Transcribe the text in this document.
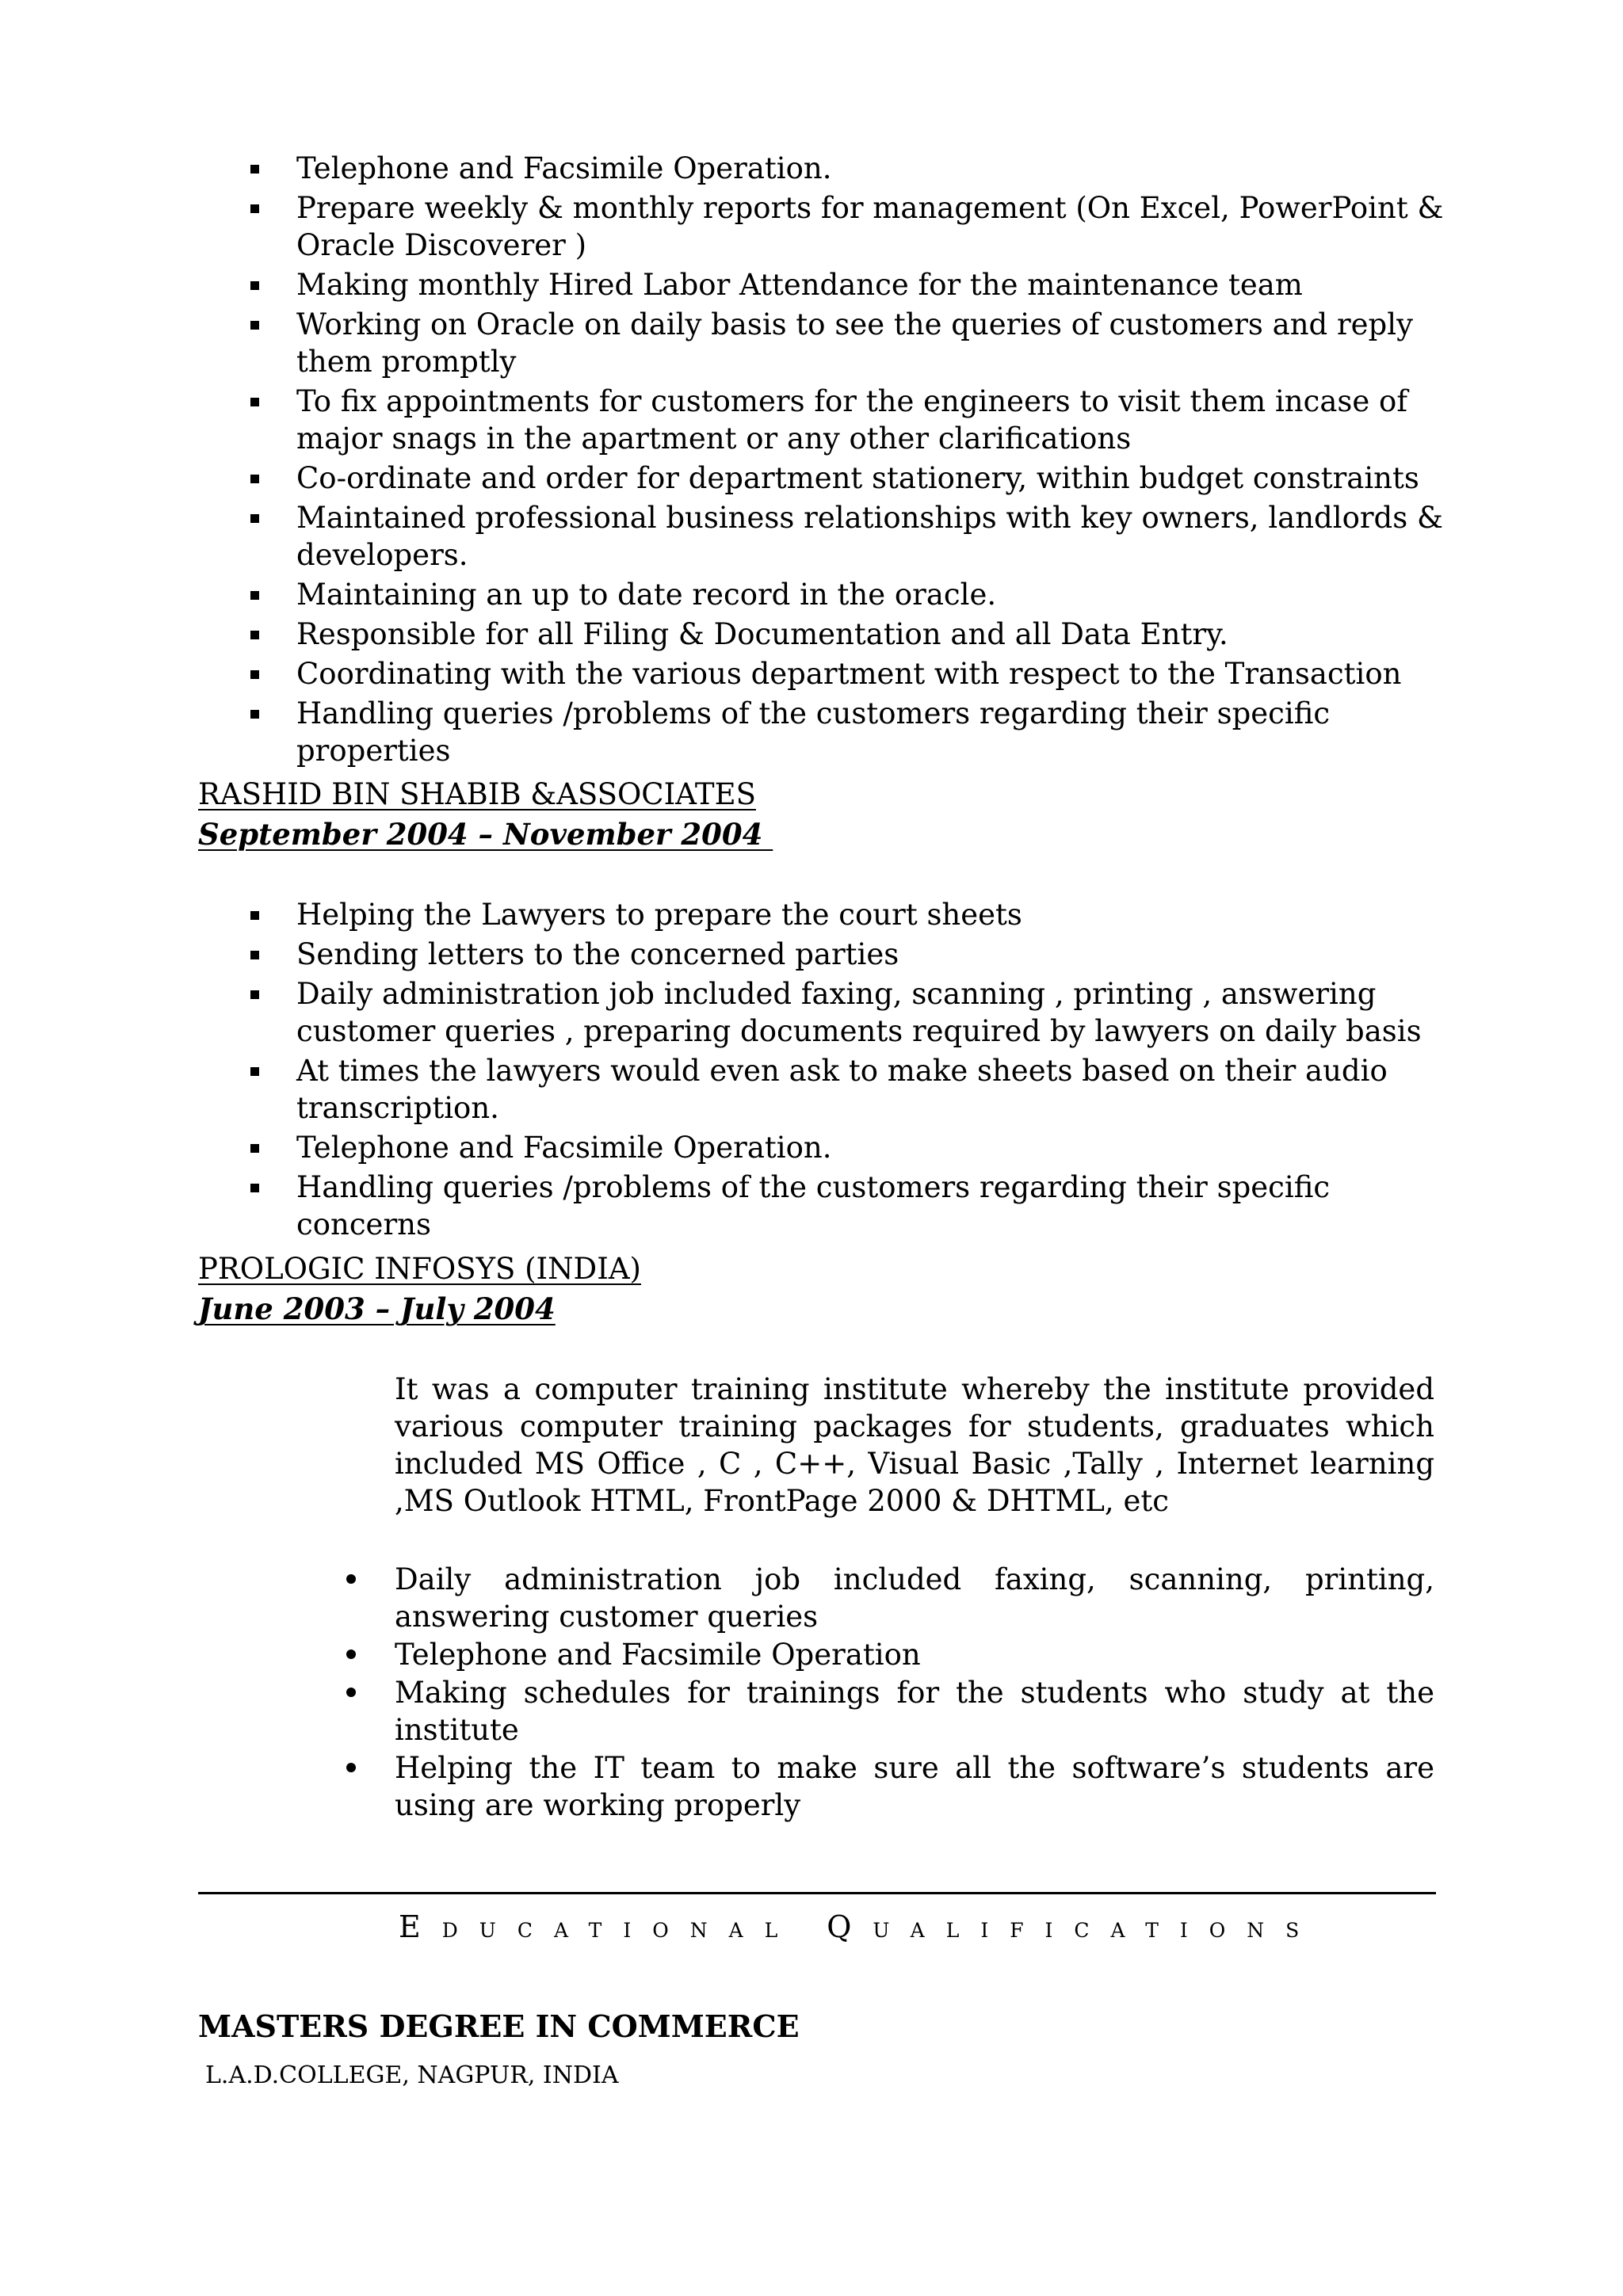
Telephone and Facsimile Operation.
Prepare weekly & monthly reports for management (On Excel, PowerPoint & Oracle Discoverer )
Making monthly Hired Labor Attendance for the maintenance team
Working on Oracle on daily basis to see the queries of customers and reply them promptly
To fix appointments for customers for the engineers to visit them incase of major snags in the apartment or any other clarifications
Co-ordinate and order for department stationery, within budget constraints
Maintained professional business relationships with key owners, landlords & developers.
Maintaining an up to date record in the oracle.
Responsible for all Filing & Documentation and all Data Entry.
Coordinating with the various department with respect to the Transaction
Handling queries /problems of the customers regarding their specific properties
RASHID BIN SHABIB &ASSOCIATES
September 2004 – November 2004
Helping the Lawyers to prepare the court sheets
Sending letters to the concerned parties
Daily administration job included faxing, scanning , printing , answering customer queries , preparing documents required by lawyers on daily basis
At times the lawyers would even ask to make sheets based on their audio transcription.
Telephone and Facsimile Operation.
Handling queries /problems of the customers regarding their specific concerns
PROLOGIC INFOSYS (INDIA)
June 2003 – July 2004
It was a computer training institute whereby the institute provided various computer training packages for students, graduates which included MS Office , C , C++, Visual Basic ,Tally , Internet learning ,MS Outlook HTML, FrontPage 2000 & DHTML, etc
Daily administration job included faxing, scanning, printing, answering customer queries
Telephone and Facsimile Operation
Making schedules for trainings for the students who study at the institute
Helping the IT team to make sure all the software’s students are using are working properly
EDUCATIONAL QUALIFICATIONS
MASTERS DEGREE IN COMMERCE
L.A.D.COLLEGE, NAGPUR, INDIA
